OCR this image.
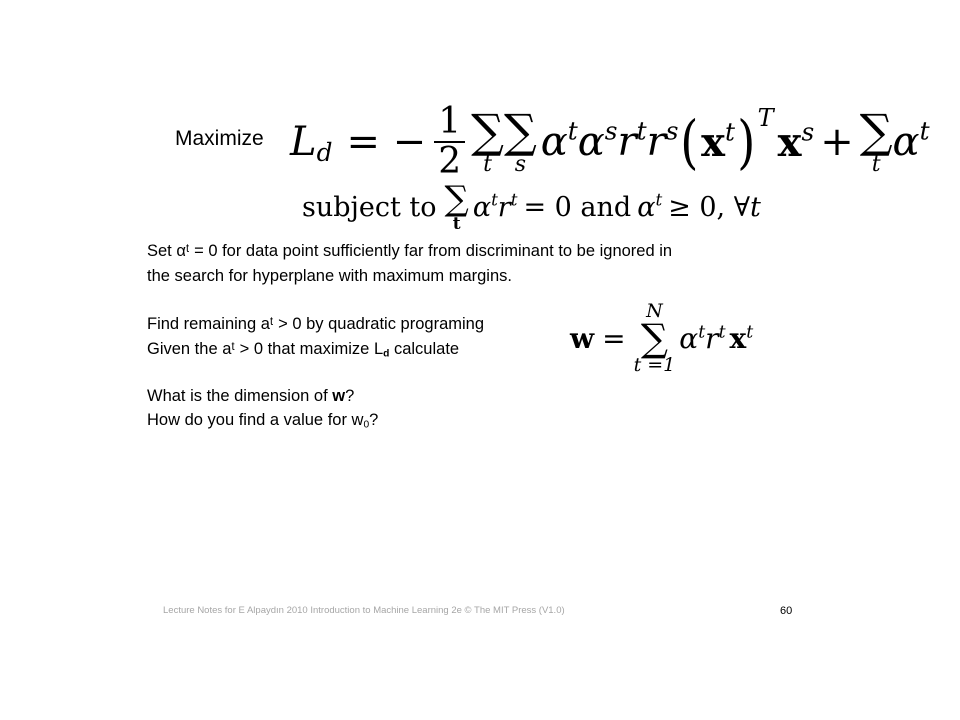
Maximize $L_d$ = − $\frac{1}{2}$ ∑
t
∑
s $\alpha^t\alpha^sr^tr^s$ ( $x^t$ ) T
$x^s$ + ∑
t $\alpha^t$
subject to ∑
t
$\alpha^tr^t = 0$ and $\alpha^t \ge 0$, ∀ t
Set αᵗ = 0 for data point sufficiently far from discriminant to be ignored in
the search for hyperplane with maximum margins.
Find remaining aᵗ > 0 by quadratic programing
Given the aᵗ > 0 that maximize $L_d$ calculate	w =
N
∑
t =1
$\alpha^tr^t$ $x^t$
What is the dimension of w?
How do you find a value for $w_0$?
Lecture Notes for E Alpaydın 2010 Introduction to Machine Learning 2e © The MIT Press (V1.0)	60
